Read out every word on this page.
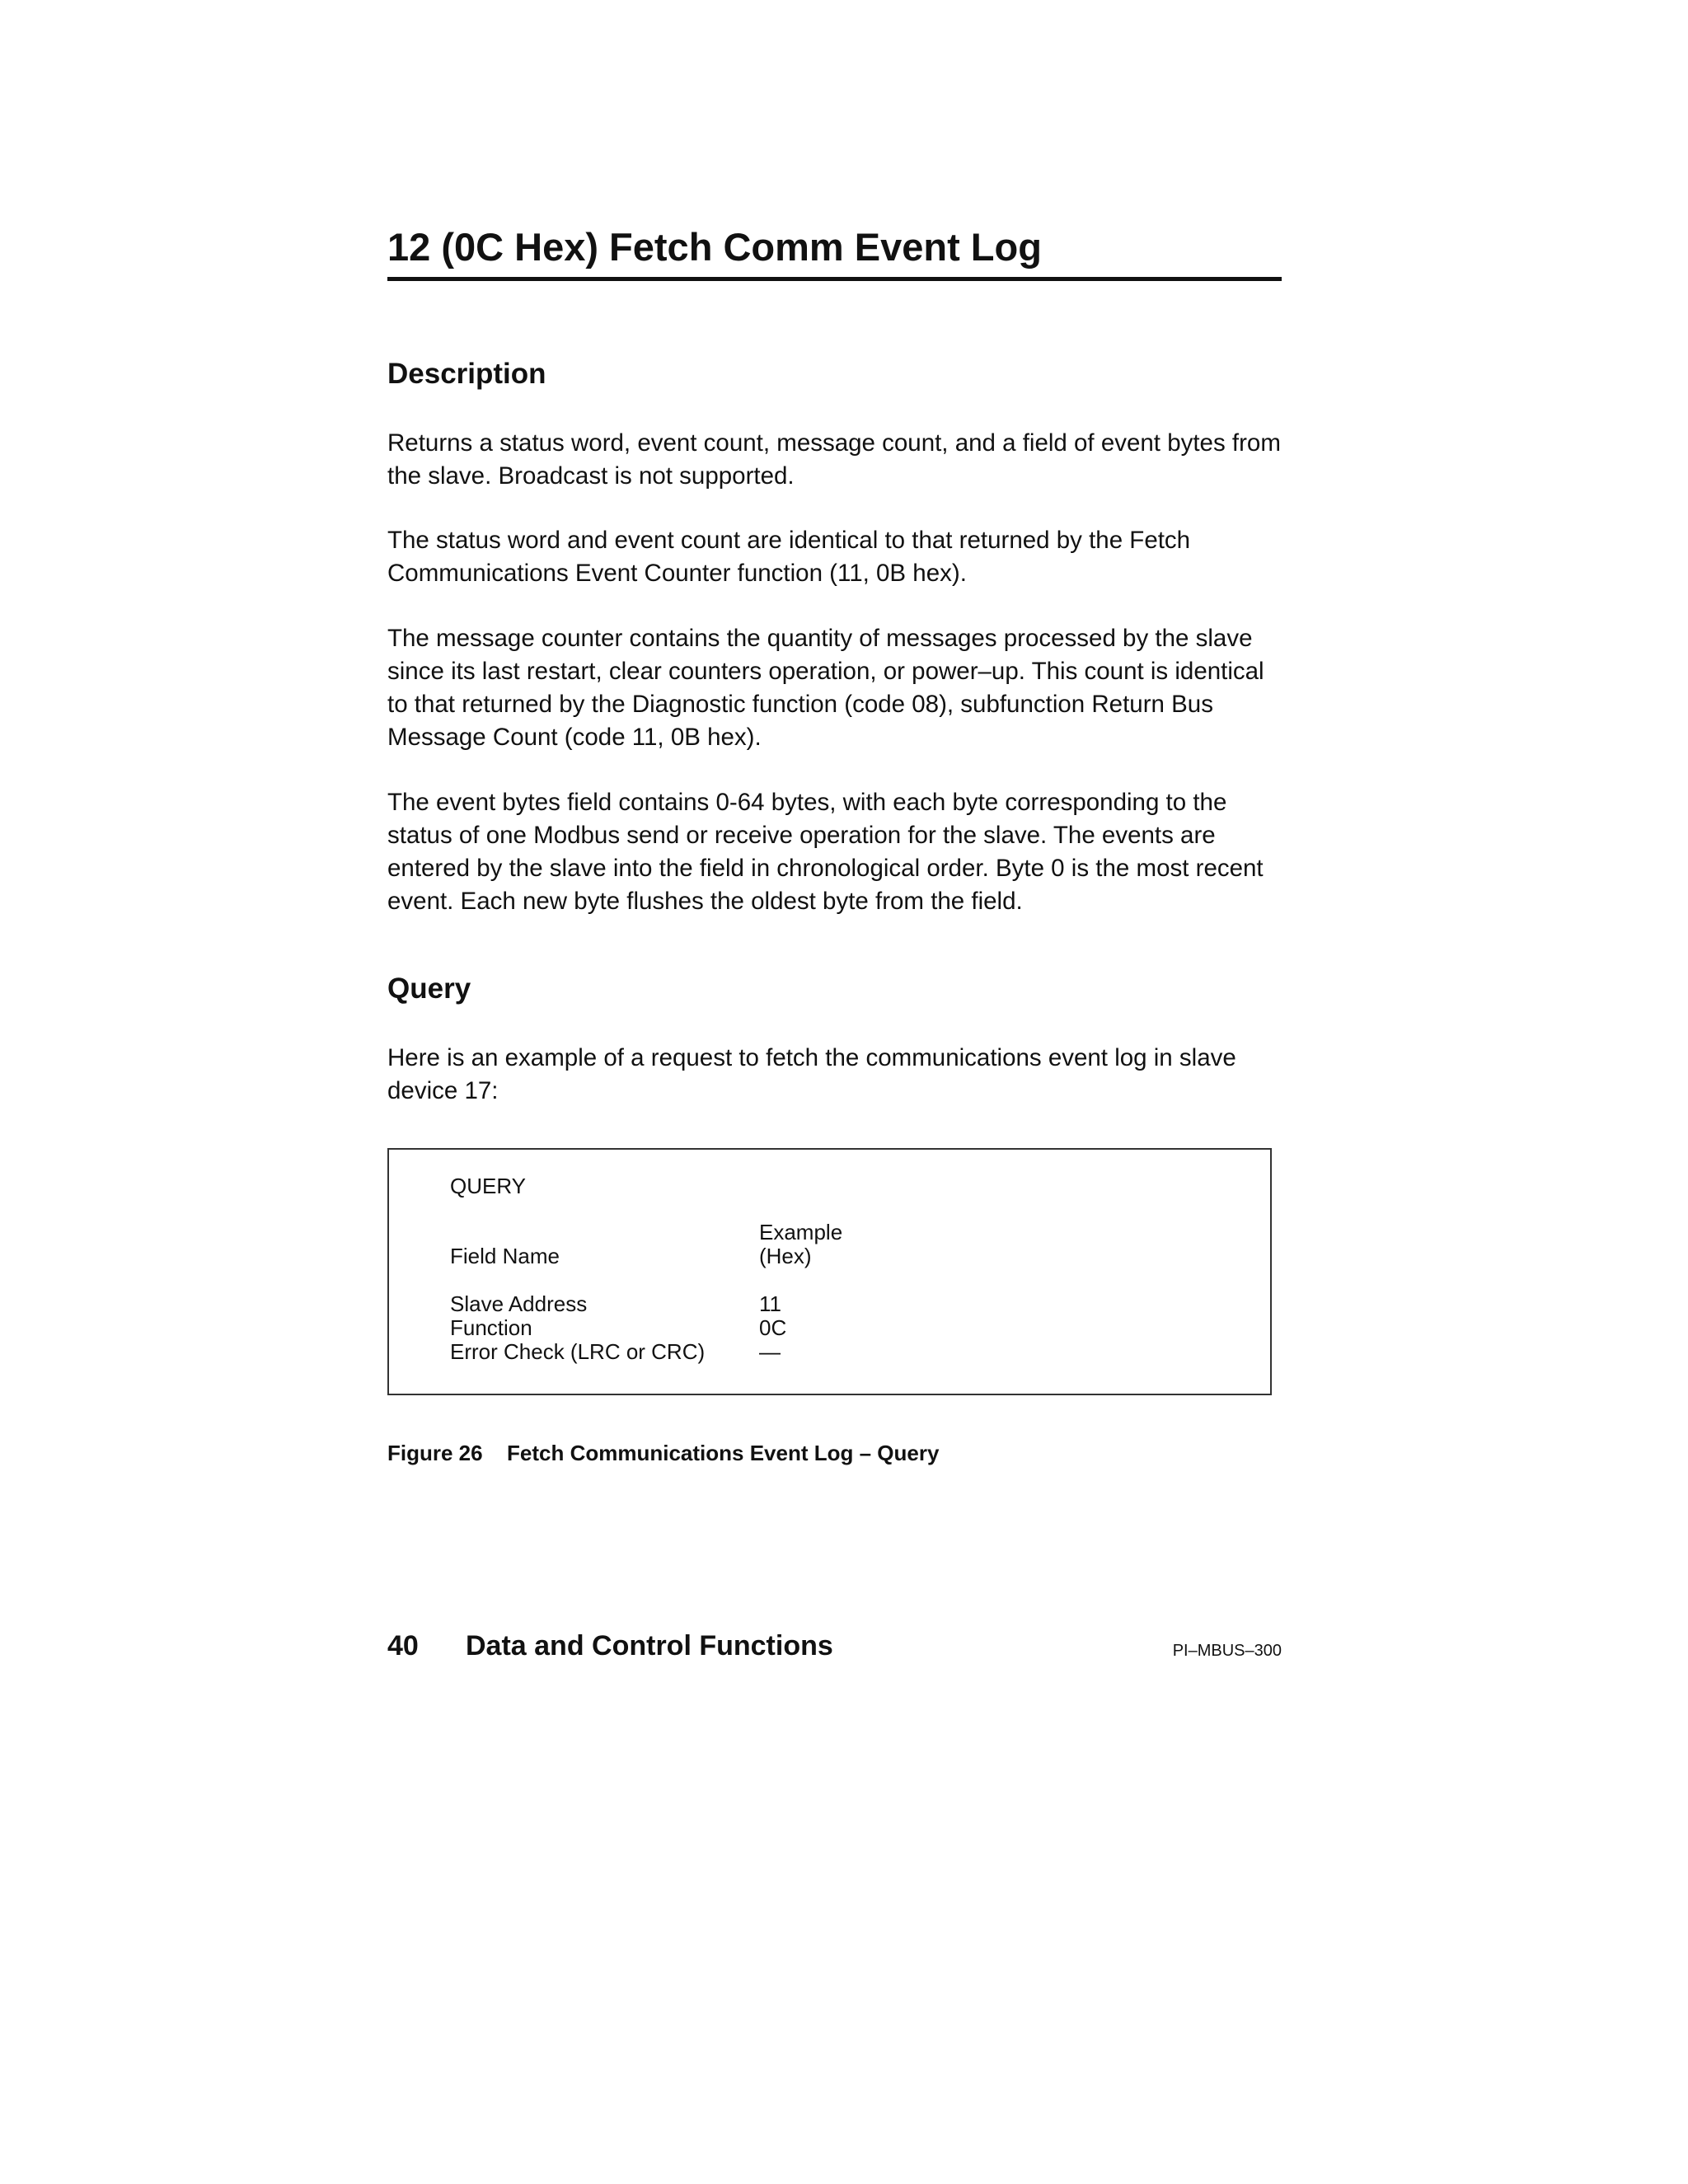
12 (0C Hex) Fetch Comm Event Log
Description

Returns a status word, event count, message count, and a field of event bytes from the slave. Broadcast is not supported.

The status word and event count are identical to that returned by the Fetch Communications Event Counter function (11, 0B hex).

The message counter contains the quantity of messages processed by the slave since its last restart, clear counters operation, or power–up. This count is identical to that returned by the Diagnostic function (code 08), subfunction Return Bus Message Count (code 11, 0B hex).

The event bytes field contains 0-64 bytes, with each byte corresponding to the status of one Modbus send or receive operation for the slave. The events are entered by the slave into the field in chronological order. Byte 0 is the most recent event. Each new byte flushes the oldest byte from the field.

Query

Here is an example of a request to fetch the communications event log in slave device 17:

QUERY
Example
Field Name	(Hex)
Slave Address	11
Function	0C
Error Check (LRC or CRC)	—
Figure 26 Fetch Communications Event Log – Query
40 Data and Control Functions	PI–MBUS–300
